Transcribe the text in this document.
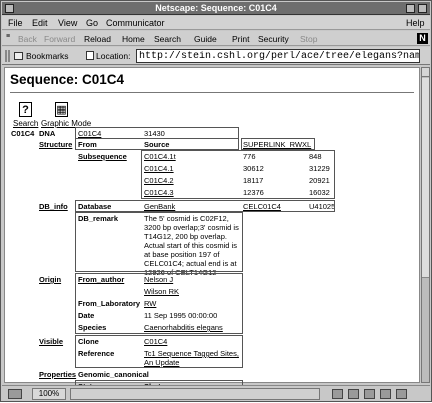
Netscape: Sequence: C01C4
File Edit View Go Communicator	Help
≡ Back Forward Reload Home Search Guide Print Security Stop	N
Bookmarks	Location:
http://stein.cshl.org/perl/ace/tree/elegans?name=
Sequence: C01C4
?
Search
▦
Graphic Mode
C01C4 DNA	C01C4	31430
Structure From	Source	SUPERLINK_RWXL
Subsequence C01C4.1t	776	848
C01C4.1	30612	31229
C01C4.2	18117	20921
C01C4.3	12376	16032
DB_info Database	GenBank	CELC01C4	U41025
DB_remark	The 5' cosmid is C02F12, 3200 bp overlap;3' cosmid is T14G12, 200 bp overlap. Actual start of this cosmid is at base position 197 of CELC01C4; actual end is at 12926 of CELT14G12
Origin From_author	Nelson J
Wilson RK
From_Laboratory RW
Date	11 Sep 1995 00:00:00
Species	Caenorhabditis elegans
Visible Clone	C01C4
Reference	Tc1 Sequence Tagged Sites, An Update
Properties Genomic_canonical
100%
